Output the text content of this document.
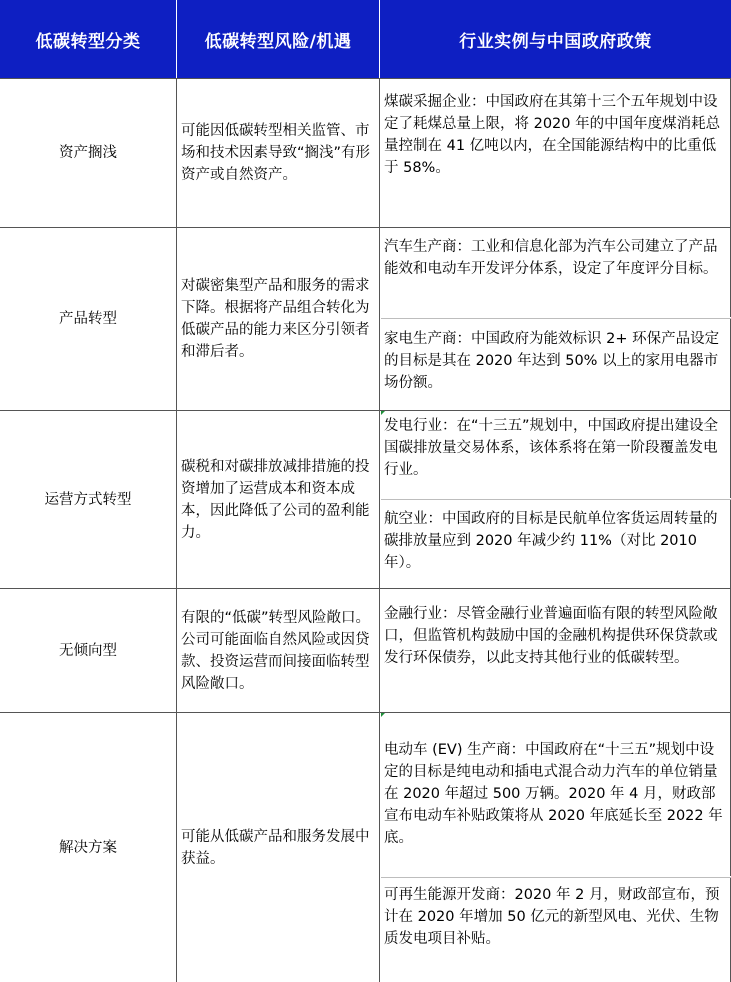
低碳转型分类	低碳转型风险/机遇	行业实例与中国政府政策
资产搁浅
可能因低碳转型相关监管、市场和技术因素导致“搁浅”有形资产或自然资产。
煤碳采掘企业：中国政府在其第十三个五年规划中设定了耗煤总量上限，将 2020 年的中国年度煤消耗总量控制在 41 亿吨以内，在全国能源结构中的比重低于 58%。
产品转型
对碳密集型产品和服务的需求下降。根据将产品组合转化为低碳产品的能力来区分引领者和滞后者。
汽车生产商：工业和信息化部为汽车公司建立了产品能效和电动车开发评分体系，设定了年度评分目标。
家电生产商：中国政府为能效标识 2+ 环保产品设定的目标是其在 2020 年达到 50% 以上的家用电器市场份额。
运营方式转型
碳税和对碳排放减排措施的投资增加了运营成本和资本成本，因此降低了公司的盈利能力。
发电行业：在“十三五”规划中，中国政府提出建设全国碳排放量交易体系，该体系将在第一阶段覆盖发电行业。
航空业：中国政府的目标是民航单位客货运周转量的碳排放量应到 2020 年减少约 11%（对比 2010 年）。
无倾向型
有限的“低碳”转型风险敞口。公司可能面临自然风险或因贷款、投资运营而间接面临转型风险敞口。
金融行业：尽管金融行业普遍面临有限的转型风险敞口，但监管机构鼓励中国的金融机构提供环保贷款或发行环保债券，以此支持其他行业的低碳转型。
解决方案
可能从低碳产品和服务发展中获益。
电动车 (EV) 生产商：中国政府在“十三五”规划中设定的目标是纯电动和插电式混合动力汽车的单位销量在 2020 年超过 500 万辆。2020 年 4 月，财政部宣布电动车补贴政策将从 2020 年底延长至 2022 年底。
可再生能源开发商：2020 年 2 月，财政部宣布，预计在 2020 年增加 50 亿元的新型风电、光伏、生物质发电项目补贴。
